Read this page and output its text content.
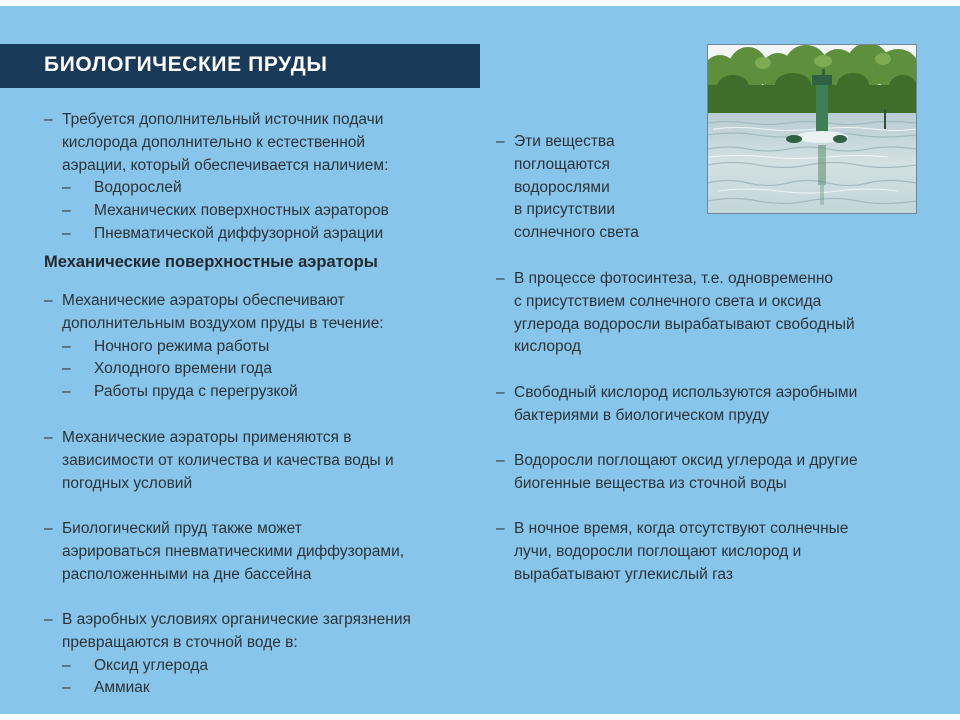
БИОЛОГИЧЕСКИЕ ПРУДЫ
– Требуется дополнительный источник подачи
кислорода дополнительно к естественной
аэрации, который обеспечивается наличием:
– Водорослей
– Механических поверхностных аэраторов
– Пневматической диффузорной аэрации
Механические поверхностные аэраторы
– Механические аэраторы обеспечивают
дополнительным воздухом пруды в течение:
– Ночного режима работы
– Холодного времени года
– Работы пруда с перегрузкой
– Механические аэраторы применяются в
зависимости от количества и качества воды и
погодных условий
– Биологический пруд также может
аэрироваться пневматическими диффузорами,
расположенными на дне бассейна
– В аэробных условиях органические загрязнения
превращаются в сточной воде в:
– Оксид углерода
– Аммиак
– Эти вещества
поглощаются
водорослями
в присутствии
солнечного света
– В процессе фотосинтеза, т.е. одновременно
с присутствием солнечного света и оксида
углерода водоросли вырабатывают свободный
кислород
– Свободный кислород используются аэробными
бактериями в биологическом пруду
– Водоросли поглощают оксид углерода и другие
биогенные вещества из сточной воды
– В ночное время, когда отсутствуют солнечные
лучи, водоросли поглощают кислород и
вырабатывают углекислый газ
